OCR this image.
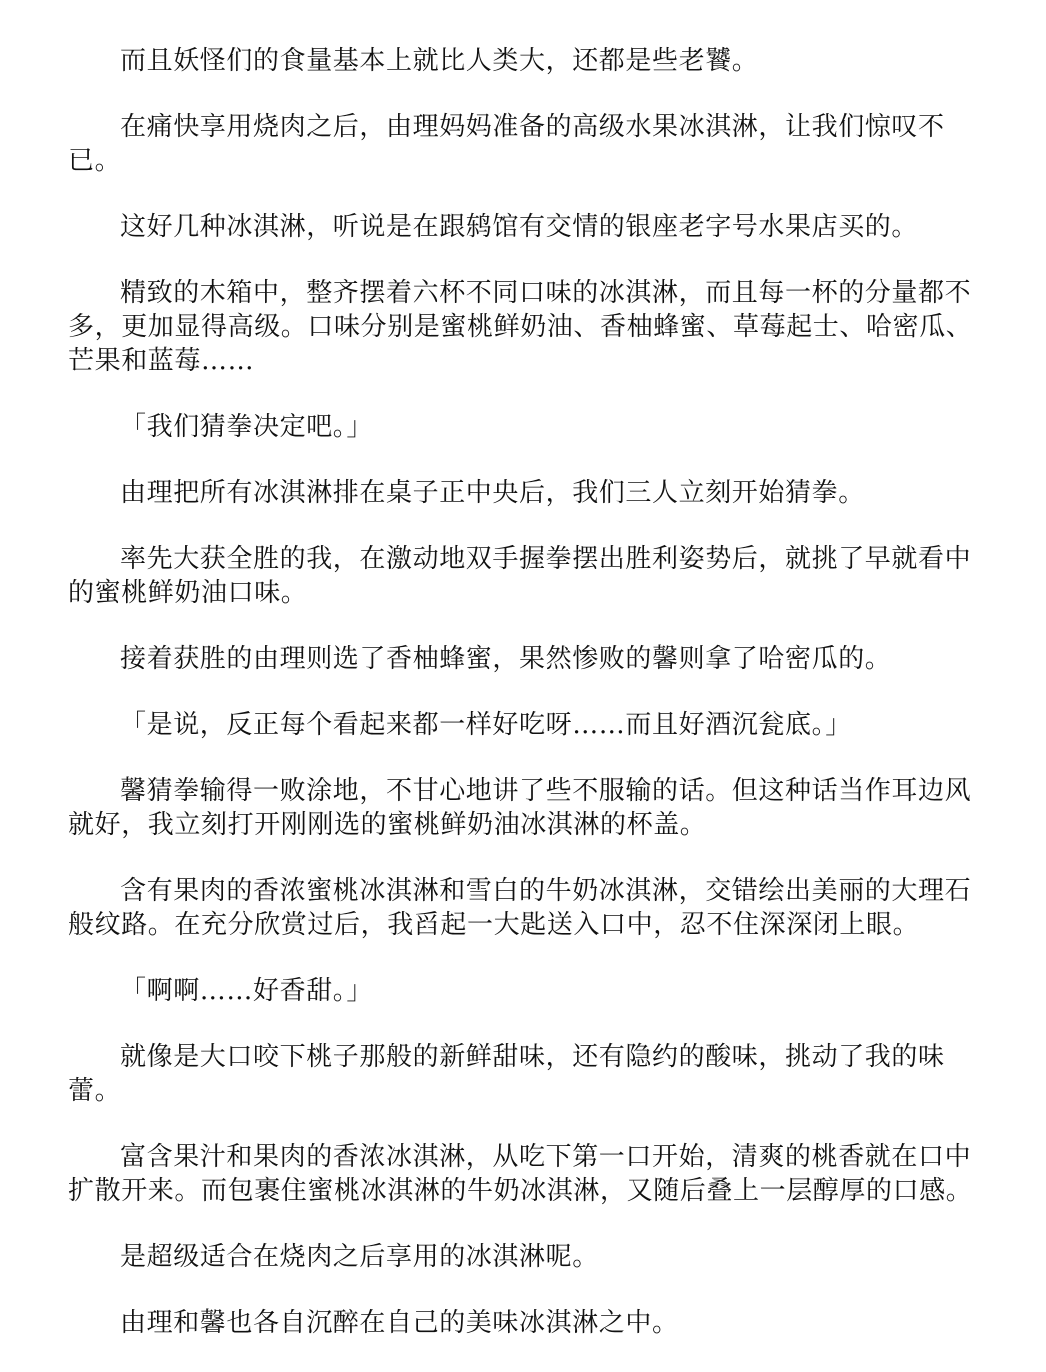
而且妖怪们的食量基本上就比人类大，还都是些老饕。

在痛快享用烧肉之后，由理妈妈准备的高级水果冰淇淋，让我们惊叹不已。

这好几种冰淇淋，听说是在跟鸫馆有交情的银座老字号水果店买的。

精致的木箱中，整齐摆着六杯不同口味的冰淇淋，而且每一杯的分量都不多，更加显得高级。口味分别是蜜桃鲜奶油、香柚蜂蜜、草莓起士、哈密瓜、芒果和蓝莓……

「我们猜拳决定吧。」

由理把所有冰淇淋排在桌子正中央后，我们三人立刻开始猜拳。

率先大获全胜的我，在激动地双手握拳摆出胜利姿势后，就挑了早就看中的蜜桃鲜奶油口味。

接着获胜的由理则选了香柚蜂蜜，果然惨败的馨则拿了哈密瓜的。

「是说，反正每个看起来都一样好吃呀……而且好酒沉瓮底。」

馨猜拳输得一败涂地，不甘心地讲了些不服输的话。但这种话当作耳边风就好，我立刻打开刚刚选的蜜桃鲜奶油冰淇淋的杯盖。

含有果肉的香浓蜜桃冰淇淋和雪白的牛奶冰淇淋，交错绘出美丽的大理石般纹路。在充分欣赏过后，我舀起一大匙送入口中，忍不住深深闭上眼。

「啊啊……好香甜。」

就像是大口咬下桃子那般的新鲜甜味，还有隐约的酸味，挑动了我的味蕾。

富含果汁和果肉的香浓冰淇淋，从吃下第一口开始，清爽的桃香就在口中扩散开来。而包裹住蜜桃冰淇淋的牛奶冰淇淋，又随后叠上一层醇厚的口感。

是超级适合在烧肉之后享用的冰淇淋呢。

由理和馨也各自沉醉在自己的美味冰淇淋之中。
